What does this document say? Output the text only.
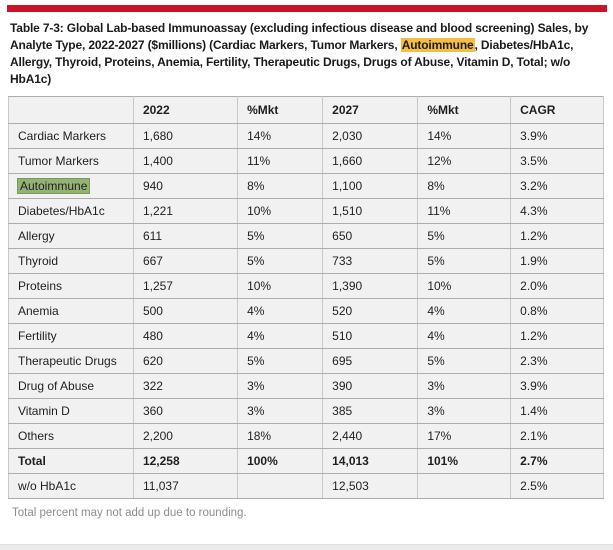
Table 7-3: Global Lab-based Immunoassay (excluding infectious disease and blood screening) Sales, by Analyte Type, 2022-2027 ($millions) (Cardiac Markers, Tumor Markers, Autoimmune, Diabetes/HbA1c, Allergy, Thyroid, Proteins, Anemia, Fertility, Therapeutic Drugs, Drugs of Abuse, Vitamin D, Total; w/o HbA1c)
	2022	%Mkt	2027	%Mkt	CAGR
Cardiac Markers	1,680	14%	2,030	14%	3.9%
Tumor Markers	1,400	11%	1,660	12%	3.5%
Autoimmune	940	8%	1,100	8%	3.2%
Diabetes/HbA1c	1,221	10%	1,510	11%	4.3%
Allergy	611	5%	650	5%	1.2%
Thyroid	667	5%	733	5%	1.9%
Proteins	1,257	10%	1,390	10%	2.0%
Anemia	500	4%	520	4%	0.8%
Fertility	480	4%	510	4%	1.2%
Therapeutic Drugs	620	5%	695	5%	2.3%
Drug of Abuse	322	3%	390	3%	3.9%
Vitamin D	360	3%	385	3%	1.4%
Others	2,200	18%	2,440	17%	2.1%
Total	12,258	100%	14,013	101%	2.7%
w/o HbA1c	11,037		12,503		2.5%
Total percent may not add up due to rounding.
